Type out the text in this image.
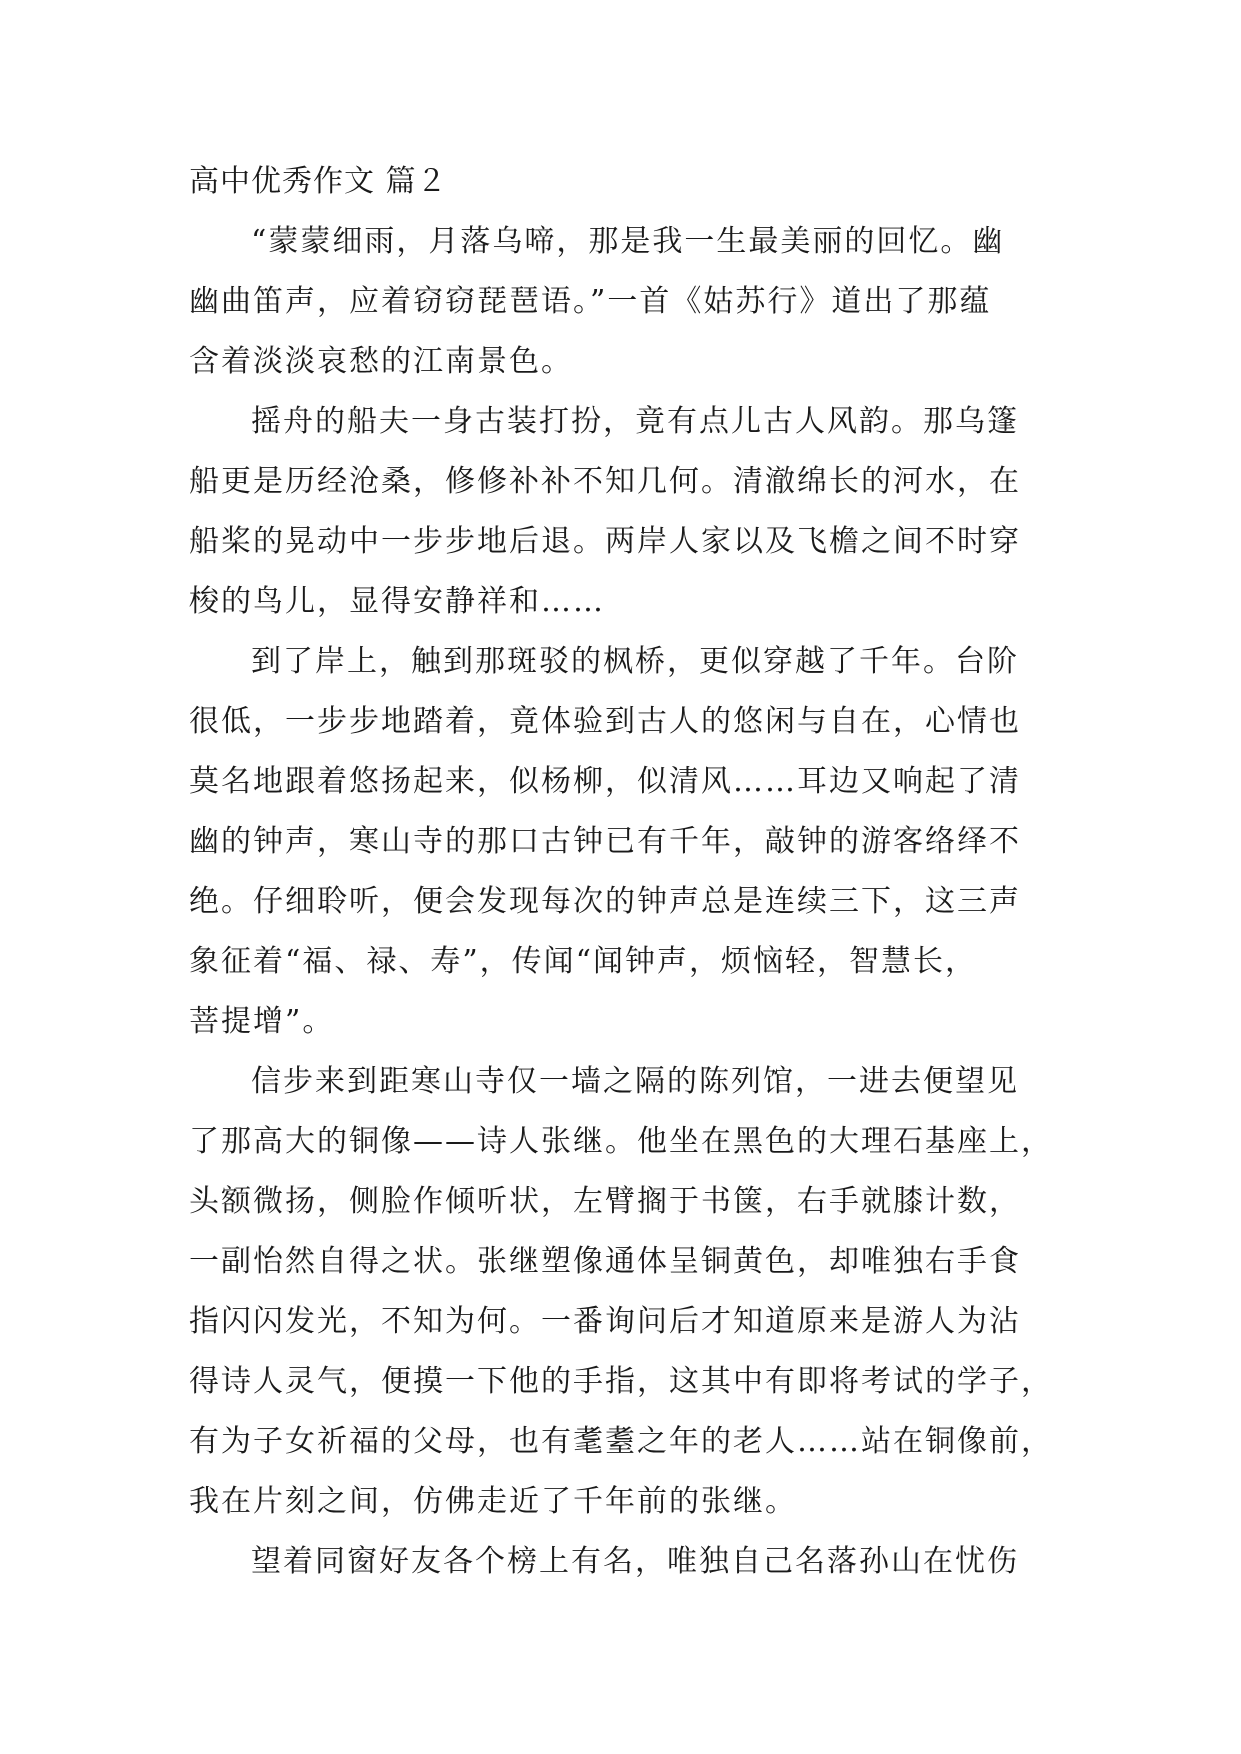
高中优秀作文 篇２
“蒙蒙细雨，月落乌啼，那是我一生最美丽的回忆。幽
幽曲笛声，应着窃窃琵琶语。”一首《姑苏行》道出了那蕴
含着淡淡哀愁的江南景色。
摇舟的船夫一身古装打扮，竟有点儿古人风韵。那乌篷
船更是历经沧桑，修修补补不知几何。清澈绵长的河水，在
船桨的晃动中一步步地后退。两岸人家以及飞檐之间不时穿
梭的鸟儿，显得安静祥和……
到了岸上，触到那斑驳的枫桥，更似穿越了千年。台阶
很低，一步步地踏着，竟体验到古人的悠闲与自在，心情也
莫名地跟着悠扬起来，似杨柳，似清风……耳边又响起了清
幽的钟声，寒山寺的那口古钟已有千年，敲钟的游客络绎不
绝。仔细聆听，便会发现每次的钟声总是连续三下，这三声
象征着“福、禄、寿”，传闻“闻钟声，烦恼轻，智慧长，
菩提增”。
信步来到距寒山寺仅一墙之隔的陈列馆，一进去便望见
了那高大的铜像——诗人张继。他坐在黑色的大理石基座上，
头额微扬，侧脸作倾听状，左臂搁于书箧，右手就膝计数，
一副怡然自得之状。张继塑像通体呈铜黄色，却唯独右手食
指闪闪发光，不知为何。一番询问后才知道原来是游人为沾
得诗人灵气，便摸一下他的手指，这其中有即将考试的学子，
有为子女祈福的父母，也有耄耋之年的老人……站在铜像前，
我在片刻之间，仿佛走近了千年前的张继。
望着同窗好友各个榜上有名，唯独自己名落孙山在忧伤
